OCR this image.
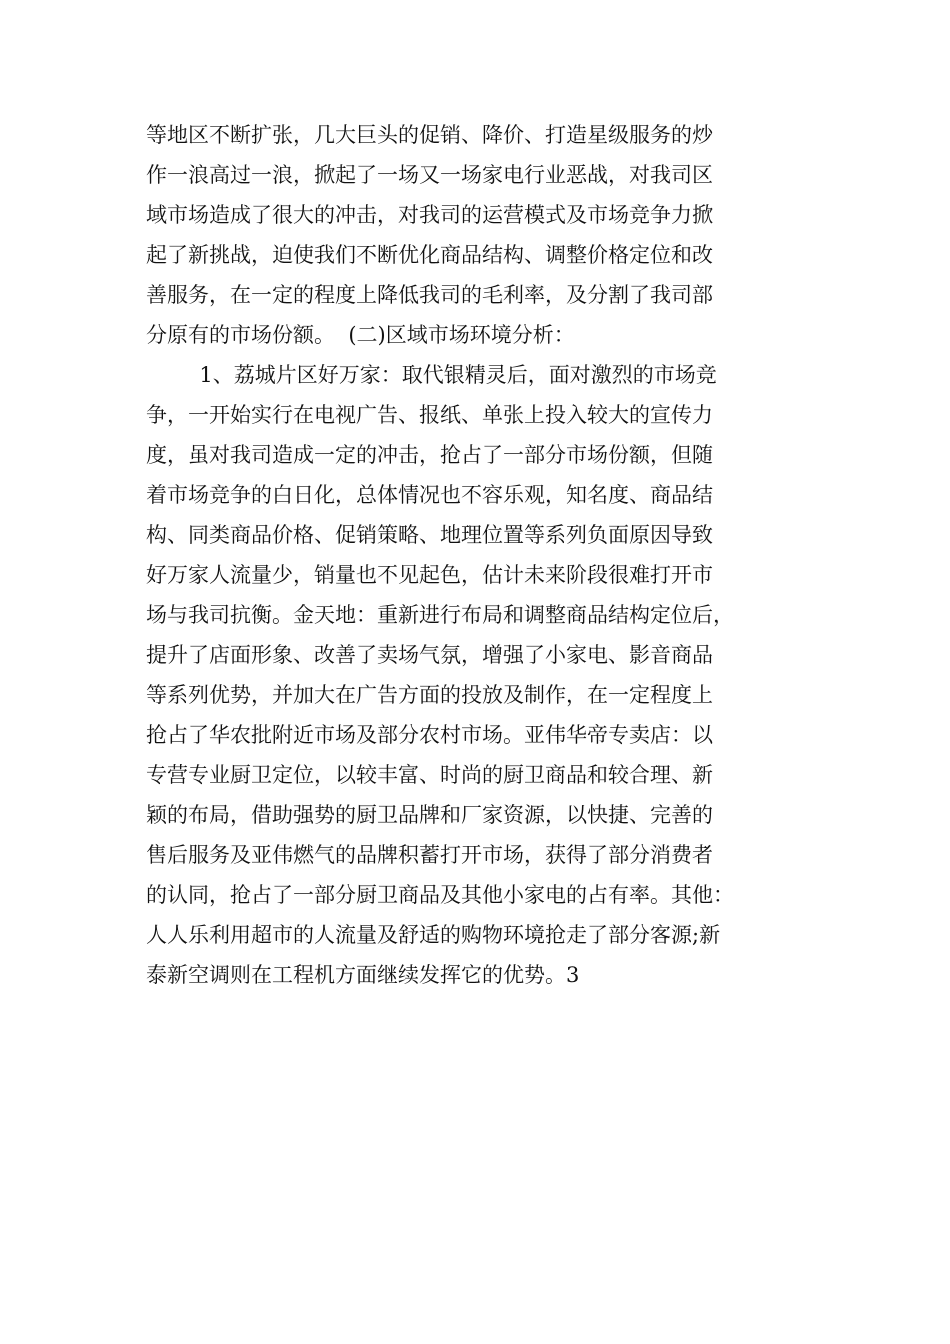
等地区不断扩张，几大巨头的促销、降价、打造星级服务的炒
作一浪高过一浪，掀起了一场又一场家电行业恶战，对我司区
域市场造成了很大的冲击，对我司的运营模式及市场竞争力掀
起了新挑战，迫使我们不断优化商品结构、调整价格定位和改
善服务，在一定的程度上降低我司的毛利率，及分割了我司部
分原有的市场份额。  (二)区域市场环境分析：
1、荔城片区好万家：取代银精灵后，面对激烈的市场竞
争，一开始实行在电视广告、报纸、单张上投入较大的宣传力
度，虽对我司造成一定的冲击，抢占了一部分市场份额，但随
着市场竞争的白日化，总体情况也不容乐观，知名度、商品结
构、同类商品价格、促销策略、地理位置等系列负面原因导致
好万家人流量少，销量也不见起色，估计未来阶段很难打开市
场与我司抗衡。金天地：重新进行布局和调整商品结构定位后，
提升了店面形象、改善了卖场气氛，增强了小家电、影音商品
等系列优势，并加大在广告方面的投放及制作，在一定程度上
抢占了华农批附近市场及部分农村市场。亚伟华帝专卖店：以
专营专业厨卫定位，以较丰富、时尚的厨卫商品和较合理、新
颖的布局，借助强势的厨卫品牌和厂家资源，以快捷、完善的
售后服务及亚伟燃气的品牌积蓄打开市场，获得了部分消费者
的认同，抢占了一部分厨卫商品及其他小家电的占有率。其他：
人人乐利用超市的人流量及舒适的购物环境抢走了部分客源;新
泰新空调则在工程机方面继续发挥它的优势。3
